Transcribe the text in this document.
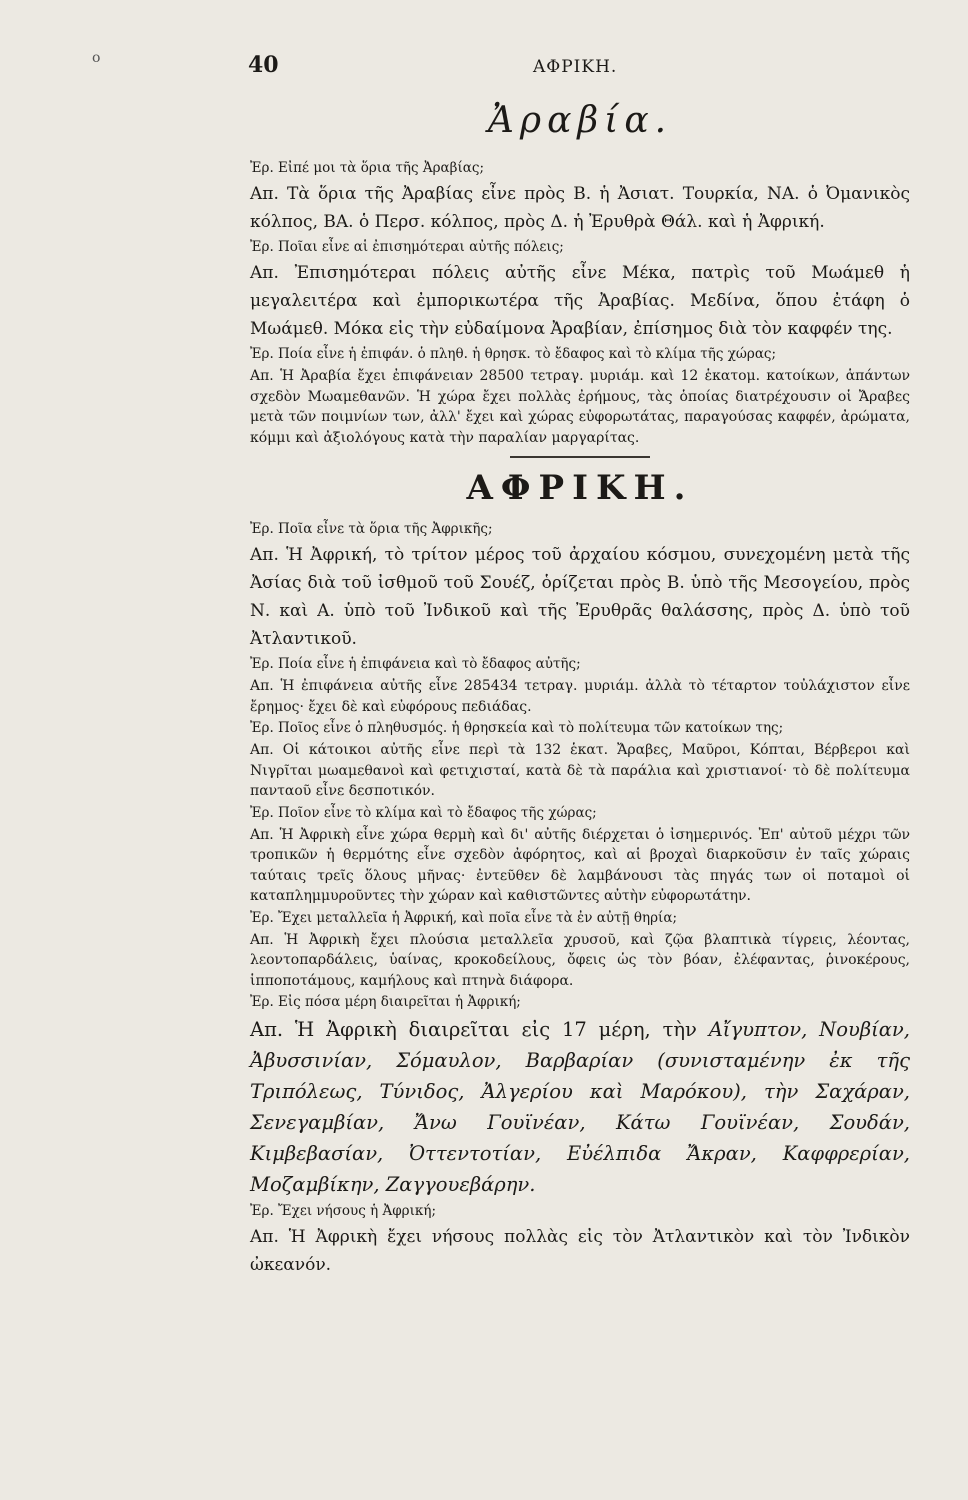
o	40	ΑΦΡΙΚΗ.
Ἀραβία.

Ἐρ. Εἰπέ μοι τὰ ὅρια τῆς Ἀραβίας;

Απ. Τὰ ὅρια τῆς Ἀραβίας εἶνε πρὸς Β. ἡ Ἀσιατ. Τουρκία, ΝΑ. ὁ Ὀμανικὸς κόλπος, ΒΑ. ὁ Περσ. κόλπος, πρὸς Δ. ἡ Ἐρυθρὰ Θάλ. καὶ ἡ Ἀφρική.

Ἐρ. Ποῖαι εἶνε αἱ ἐπισημότεραι αὐτῆς πόλεις;

Απ. Ἐπισημότεραι πόλεις αὐτῆς εἶνε Μέκα, πατρὶς τοῦ Μωάμεθ ἡ μεγαλειτέρα καὶ ἐμπορικωτέρα τῆς Ἀραβίας. Μεδίνα, ὅπου ἐτάφη ὁ Μωάμεθ. Μόκα εἰς τὴν εὐδαίμονα Ἀραβίαν, ἐπίσημος διὰ τὸν καφφέν της.

Ἐρ. Ποία εἶνε ἡ ἐπιφάν. ὁ πληθ. ἡ θρησκ. τὸ ἔδαφος καὶ τὸ κλίμα τῆς χώρας;

Απ. Ἡ Ἀραβία ἔχει ἐπιφάνειαν 28500 τετραγ. μυριάμ. καὶ 12 ἑκατομ. κατοίκων, ἁπάντων σχεδὸν Μωαμεθανῶν. Ἡ χώρα ἔχει πολλὰς ἐρήμους, τὰς ὁποίας διατρέχουσιν οἱ Ἄραβες μετὰ τῶν ποιμνίων των, ἀλλ' ἔχει καὶ χώρας εὐφορωτάτας, παραγούσας καφφέν, ἀρώματα, κόμμι καὶ ἀξιολόγους κατὰ τὴν παραλίαν μαργαρίτας.

ΑΦΡΙΚΗ.

Ἐρ. Ποῖα εἶνε τὰ ὅρια τῆς Ἀφρικῆς;

Απ. Ἡ Ἀφρική, τὸ τρίτον μέρος τοῦ ἀρχαίου κόσμου, συνεχομένη μετὰ τῆς Ἀσίας διὰ τοῦ ἰσθμοῦ τοῦ Σουέζ, ὁρίζεται πρὸς Β. ὑπὸ τῆς Μεσογείου, πρὸς Ν. καὶ Α. ὑπὸ τοῦ Ἰνδικοῦ καὶ τῆς Ἐρυθρᾶς θαλάσσης, πρὸς Δ. ὑπὸ τοῦ Ἀτλαντικοῦ.

Ἐρ. Ποία εἶνε ἡ ἐπιφάνεια καὶ τὸ ἔδαφος αὐτῆς;

Απ. Ἡ ἐπιφάνεια αὐτῆς εἶνε 285434 τετραγ. μυριάμ. ἀλλὰ τὸ τέταρτον τοὐλάχιστον εἶνε ἔρημος· ἔχει δὲ καὶ εὐφόρους πεδιάδας.

Ἐρ. Ποῖος εἶνε ὁ πληθυσμός. ἡ θρησκεία καὶ τὸ πολίτευμα τῶν κατοίκων της;

Απ. Οἱ κάτοικοι αὐτῆς εἶνε περὶ τὰ 132 ἑκατ. Ἄραβες, Μαῦροι, Κόπται, Βέρβεροι καὶ Νιγρῖται μωαμεθανοὶ καὶ φετιχισταί, κατὰ δὲ τὰ παράλια καὶ χριστιανοί· τὸ δὲ πολίτευμα πανταοῦ εἶνε δεσποτικόν.

Ἐρ. Ποῖον εἶνε τὸ κλίμα καὶ τὸ ἔδαφος τῆς χώρας;

Απ. Ἡ Ἀφρικὴ εἶνε χώρα θερμὴ καὶ δι' αὐτῆς διέρχεται ὁ ἰσημερινός. Ἐπ' αὐτοῦ μέχρι τῶν τροπικῶν ἡ θερμότης εἶνε σχεδὸν ἀφόρητος, καὶ αἱ βροχαὶ διαρκοῦσιν ἐν ταῖς χώραις ταύταις τρεῖς ὅλους μῆνας· ἐντεῦθεν δὲ λαμβάνουσι τὰς πηγάς των οἱ ποταμοὶ οἱ καταπλημμυροῦντες τὴν χώραν καὶ καθιστῶντες αὐτὴν εὐφορωτάτην.

Ἐρ. Ἔχει μεταλλεῖα ἡ Ἀφρική, καὶ ποῖα εἶνε τὰ ἐν αὐτῇ θηρία;

Απ. Ἡ Ἀφρικὴ ἔχει πλούσια μεταλλεῖα χρυσοῦ, καὶ ζῷα βλαπτικὰ τίγρεις, λέοντας, λεοντοπαρδάλεις, ὑαίνας, κροκοδείλους, ὄφεις ὡς τὸν βόαν, ἐλέφαντας, ῥινοκέρους, ἱπποποτάμους, καμήλους καὶ πτηνὰ διάφορα.

Ἐρ. Εἰς πόσα μέρη διαιρεῖται ἡ Ἀφρική;

Απ. Ἡ Ἀφρικὴ διαιρεῖται εἰς 17 μέρη, τὴν Αἴγυπτον, Νουβίαν, Ἀβυσσινίαν, Σόμαυλον, Βαρβαρίαν (συνισταμένην ἐκ τῆς Τριπόλεως, Τύνιδος, Ἀλγερίου καὶ Μαρόκου), τὴν Σαχάραν, Σενεγαμβίαν, Ἄνω Γουϊνέαν, Κάτω Γουϊνέαν, Σουδάν, Κιμβεβασίαν, Ὀττεντοτίαν, Εὐέλπιδα Ἄκραν, Καφφρερίαν, Μοζαμβίκην, Ζαγγουεβάρην.

Ἐρ. Ἔχει νήσους ἡ Ἀφρική;

Απ. Ἡ Ἀφρικὴ ἔχει νήσους πολλὰς εἰς τὸν Ἀτλαντικὸν καὶ τὸν Ἰνδικὸν ὠκεανόν.
